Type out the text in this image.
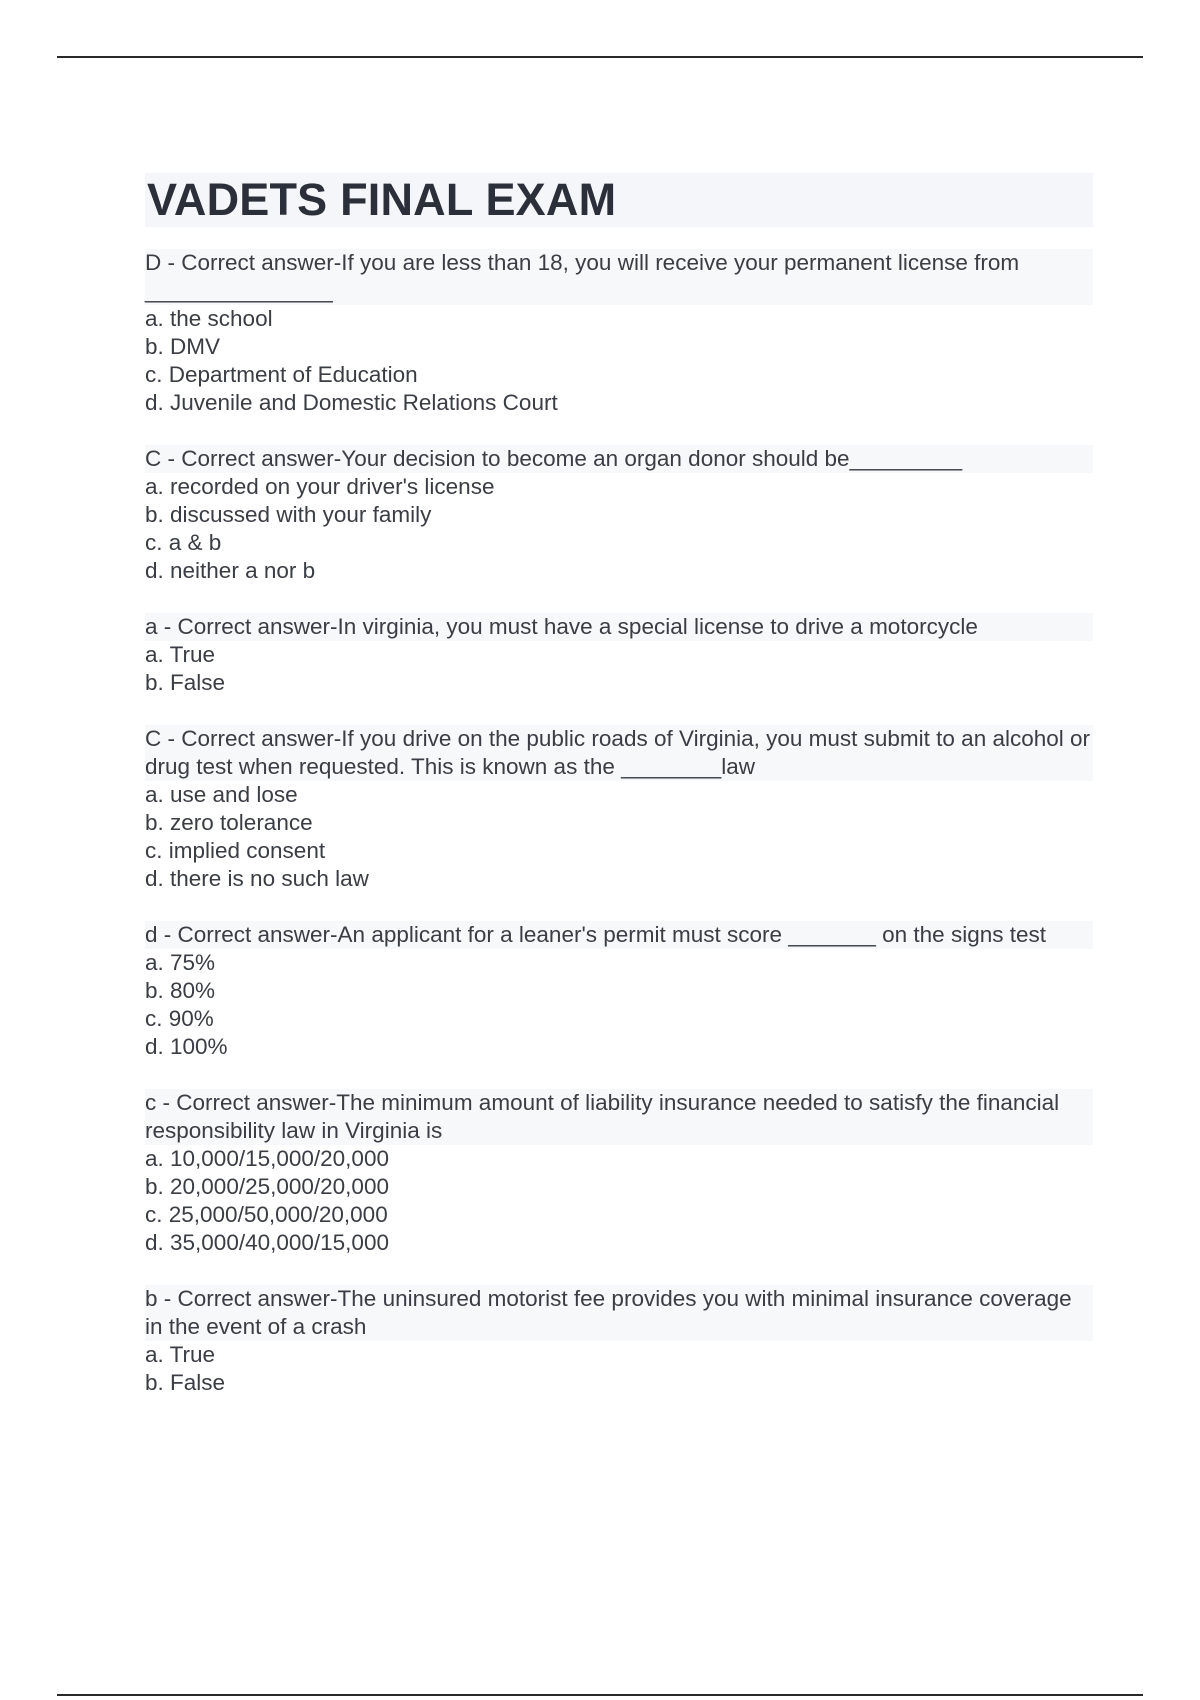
VADETS FINAL EXAM
D - Correct answer-If you are less than 18, you will receive your permanent license from _______________
a. the school
b. DMV
c. Department of Education
d. Juvenile and Domestic Relations Court
C - Correct answer-Your decision to become an organ donor should be_________
a. recorded on your driver's license
b. discussed with your family
c. a & b
d. neither a nor b
a - Correct answer-In virginia, you must have a special license to drive a motorcycle
a. True
b. False
C - Correct answer-If you drive on the public roads of Virginia, you must submit to an alcohol or drug test when requested. This is known as the ________law
a. use and lose
b. zero tolerance
c. implied consent
d. there is no such law
d - Correct answer-An applicant for a leaner's permit must score _______ on the signs test
a. 75%
b. 80%
c. 90%
d. 100%
c - Correct answer-The minimum amount of liability insurance needed to satisfy the financial responsibility law in Virginia is
a. 10,000/15,000/20,000
b. 20,000/25,000/20,000
c. 25,000/50,000/20,000
d. 35,000/40,000/15,000
b - Correct answer-The uninsured motorist fee provides you with minimal insurance coverage in the event of a crash
a. True
b. False
